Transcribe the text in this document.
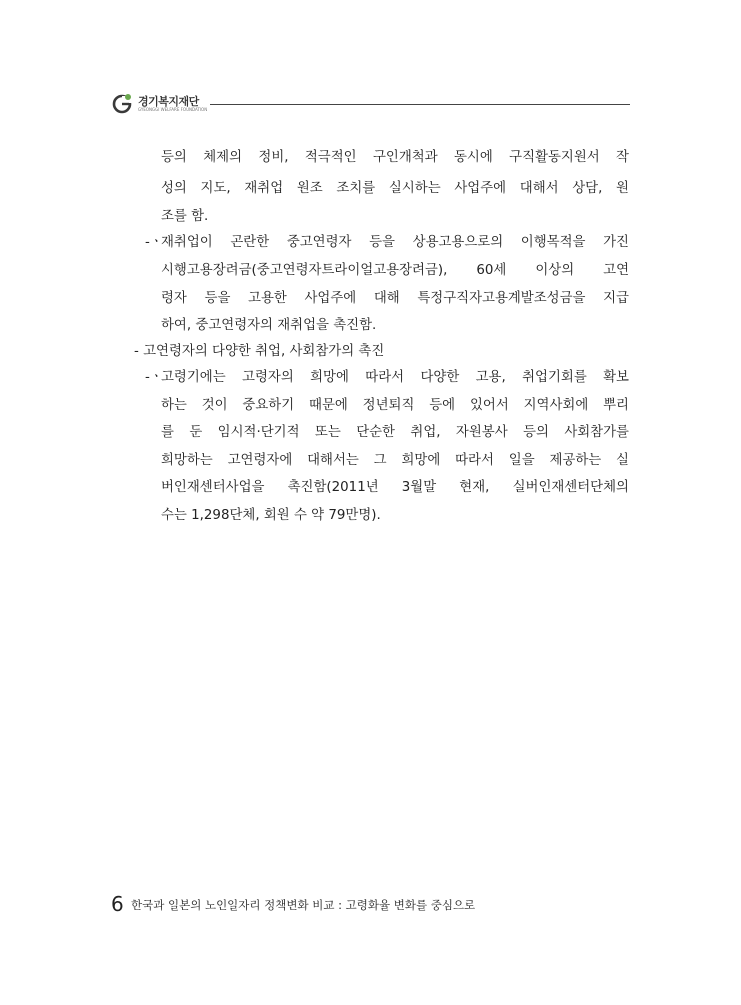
경기복지재단
GYEONGGI WELFARE FOUNDATION
등의 체제의 정비, 적극적인 구인개척과 동시에 구직활동지원서 작
성의 지도, 재취업 원조 조치를 실시하는 사업주에 대해서 상담, 원
조를 함.
-ㆍ
재취업이 곤란한 중고연령자 등을 상용고용으로의 이행목적을 가진
시행고용장려금(중고연령자트라이얼고용장려금), 60세 이상의 고연
령자 등을 고용한 사업주에 대해 특정구직자고용계발조성금을 지급
하여, 중고연령자의 재취업을 촉진함.
- 고연령자의 다양한 취업, 사회참가의 촉진
-ㆍ
고령기에는 고령자의 희망에 따라서 다양한 고용, 취업기회를 확보
하는 것이 중요하기 때문에 정년퇴직 등에 있어서 지역사회에 뿌리
를 둔 임시적·단기적 또는 단순한 취업, 자원봉사 등의 사회참가를
희망하는 고연령자에 대해서는 그 희망에 따라서 일을 제공하는 실
버인재센터사업을 촉진함(2011년 3월말 현재, 실버인재센터단체의
수는 1,298단체, 회원 수 약 79만명).
6 한국과 일본의 노인일자리 정책변화 비교 : 고령화율 변화를 중심으로
